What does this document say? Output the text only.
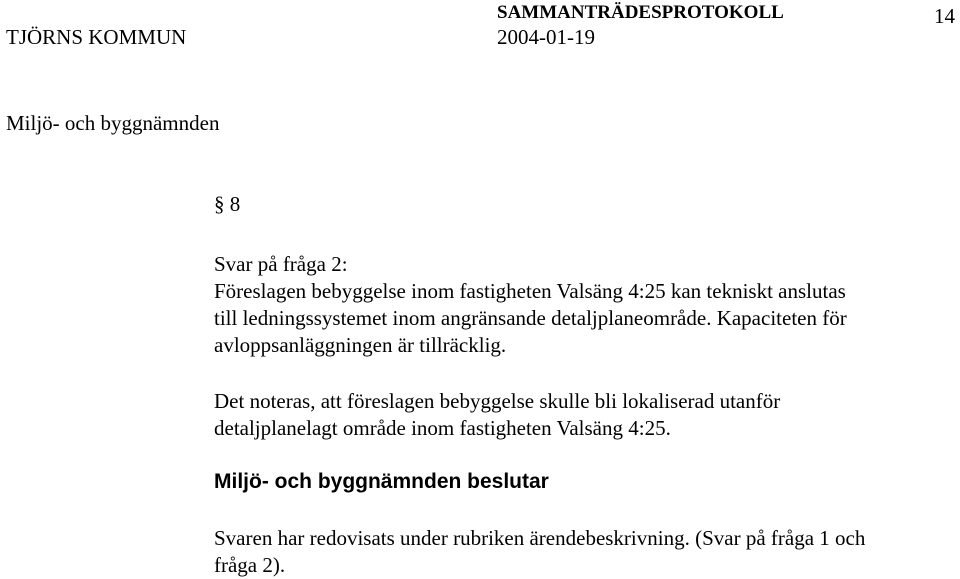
SAMMANTRÄDESPROTOKOLL	14
TJÖRNS KOMMUN	2004-01-19
Miljö- och byggnämnden
§ 8
Svar på fråga 2:
Föreslagen bebyggelse inom fastigheten Valsäng 4:25 kan tekniskt anslutas
till ledningssystemet inom angränsande detaljplaneområde. Kapaciteten för
avloppsanläggningen är tillräcklig.
Det noteras, att föreslagen bebyggelse skulle bli lokaliserad utanför
detaljplanelagt område inom fastigheten Valsäng 4:25.
Miljö- och byggnämnden beslutar
Svaren har redovisats under rubriken ärendebeskrivning. (Svar på fråga 1 och
fråga 2).
